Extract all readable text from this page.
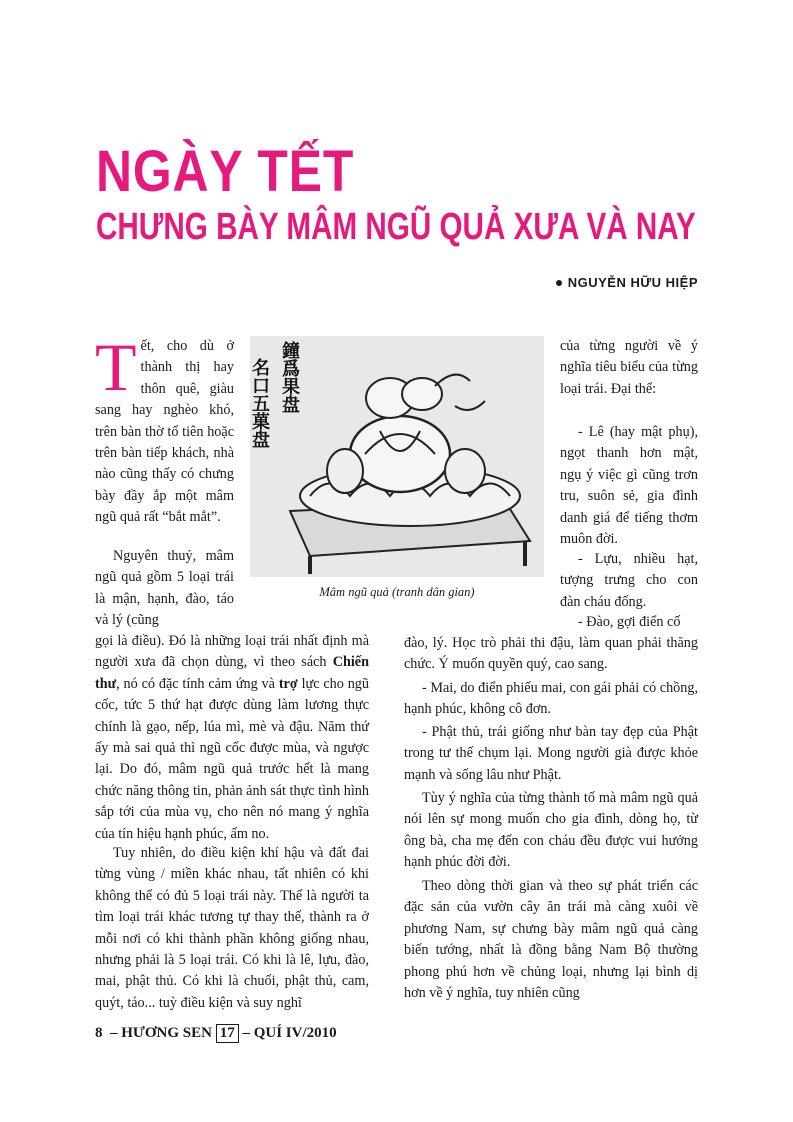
NGÀY TẾT
CHƯNG BÀY MÂM NGŨ QUẢ XƯA VÀ NAY
NGUYỄN HỮU HIỆP

Tết, cho dù ở thành thị hay thôn quê, giàu sang hay nghèo khó, trên bàn thờ tổ tiên hoặc trên bàn tiếp khách, nhà nào cũng thấy có chưng bày đầy ắp một mâm ngũ quả rất “bắt mắt”.

Nguyên thuỷ, mâm ngũ quả gồm 5 loại trái là mận, hạnh, đào, táo và lý (cũng

gọi là điều). Đó là những loại trái nhất định mà người xưa đã chọn dùng, vì theo sách Chiến thư, nó có đặc tính cảm ứng và trợ lực cho ngũ cốc, tức 5 thứ hạt được dùng làm lương thực chính là gạo, nếp, lúa mì, mè và đậu. Năm thứ ấy mà sai quả thì ngũ cốc được mùa, và ngược lại. Do đó, mâm ngũ quả trước hết là mang chức năng thông tin, phản ảnh sát thực tình hình sắp tới của mùa vụ, cho nên nó mang ý nghĩa của tín hiệu hạnh phúc, ấm no.

Tuy nhiên, do điều kiện khí hậu và đất đai từng vùng / miền khác nhau, tất nhiên có khi không thể có đủ 5 loại trái này. Thế là người ta tìm loại trái khác tương tự thay thế, thành ra ở mỗi nơi có khi thành phần không giống nhau, nhưng phải là 5 loại trái. Có khi là lê, lựu, đào, mai, phật thủ. Có khi là chuối, phật thủ, cam, quýt, táo... tuỳ điều kiện và suy nghĩ

名口五菓盘 鐘爲果盘
Mâm ngũ quả (tranh dân gian)

của từng người về ý nghĩa tiêu biểu của từng loại trái. Đại thể:

- Lê (hay mật phụ), ngọt thanh hơn mật, ngụ ý việc gì cũng trơn tru, suôn sẻ, gia đình danh giá để tiếng thơm muôn đời.

- Lựu, nhiều hạt, tượng trưng cho con đàn cháu đống.

- Đào, gợi điển cố

đào, lý. Học trò phải thi đậu, làm quan phải thăng chức. Ý muốn quyền quý, cao sang.

- Mai, do điển phiếu mai, con gái phải có chồng, hạnh phúc, không cô đơn.

- Phật thủ, trái giống như bàn tay đẹp của Phật trong tư thế chụm lại. Mong người già được khỏe mạnh và sống lâu như Phật.

Tùy ý nghĩa của từng thành tố mà mâm ngũ quả nói lên sự mong muốn cho gia đình, dòng họ, từ ông bà, cha mẹ đến con cháu đều được vui hưởng hạnh phúc đời đời.

Theo dòng thời gian và theo sự phát triển các đặc sản của vườn cây ăn trái mà càng xuôi về phương Nam, sự chưng bày mâm ngũ quả càng biến tướng, nhất là đồng bằng Nam Bộ thường phong phú hơn về chủng loại, nhưng lại bình dị hơn về ý nghĩa, tuy nhiên cũng

8 – HƯƠNG SEN 17 – QUÍ IV/2010
